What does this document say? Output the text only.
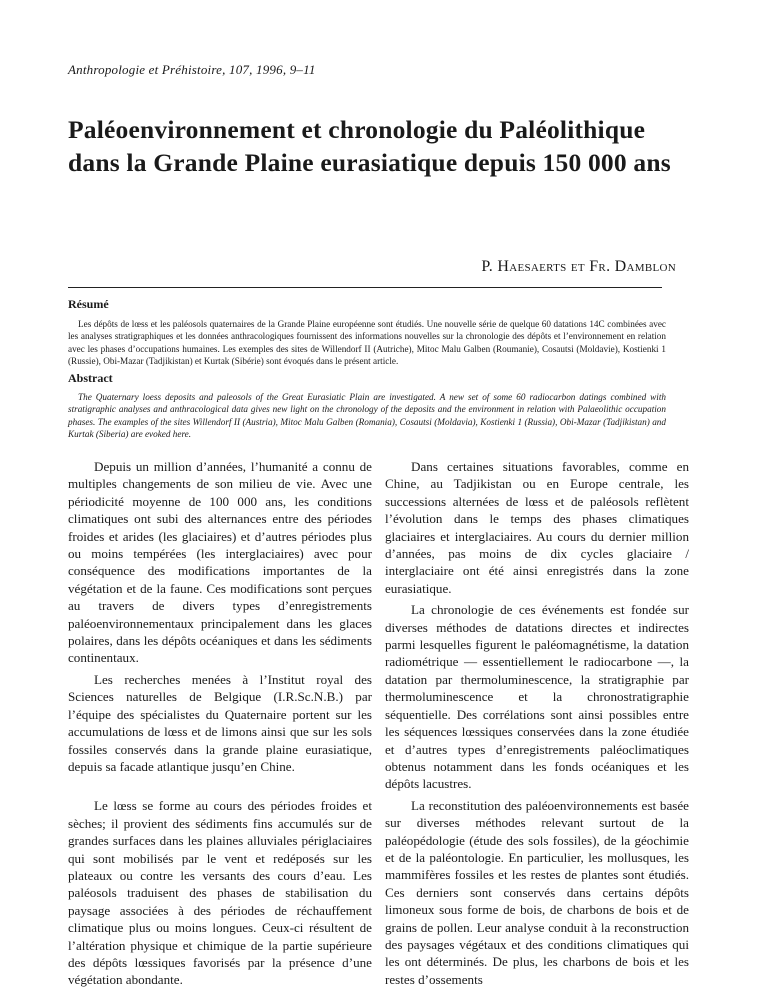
Anthropologie et Préhistoire, 107, 1996, 9–11
Paléoenvironnement et chronologie du Paléolithique
dans la Grande Plaine eurasiatique depuis 150 000 ans
P. Haesaerts et Fr. Damblon
Résumé

Les dépôts de lœss et les paléosols quaternaires de la Grande Plaine européenne sont étudiés. Une nouvelle série de quelque 60 datations 14C combinées avec les analyses stratigraphiques et les données anthracologiques fournissent des informations nouvelles sur la chronologie des dépôts et l’environnement en relation avec les phases d’occupations humaines. Les exemples des sites de Willendorf II (Autriche), Mitoc Malu Galben (Roumanie), Cosautsi (Moldavie), Kostienki 1 (Russie), Obi-Mazar (Tadjikistan) et Kurtak (Sibérie) sont évoqués dans le présent article.

Abstract

The Quaternary loess deposits and paleosols of the Great Eurasiatic Plain are investigated. A new set of some 60 radiocarbon datings combined with stratigraphic analyses and anthracological data gives new light on the chronology of the deposits and the environment in relation with Palaeolithic occupation phases. The examples of the sites Willendorf II (Austria), Mitoc Malu Galben (Romania), Cosautsi (Moldavia), Kostienki 1 (Russia), Obi-Mazar (Tadjikistan) and Kurtak (Siberia) are evoked here.

Depuis un million d’années, l’humanité a connu de multiples changements de son milieu de vie. Avec une périodicité moyenne de 100 000 ans, les conditions climatiques ont subi des alternances entre des périodes froides et arides (les glaciaires) et d’autres périodes plus ou moins tempérées (les interglaciaires) avec pour conséquence des modifications importantes de la végétation et de la faune. Ces modifications sont perçues au travers de divers types d’enregistrements paléoenvironnementaux principalement dans les glaces polaires, dans les dépôts océaniques et dans les sédiments continentaux.

Les recherches menées à l’Institut royal des Sciences naturelles de Belgique (I.R.Sc.N.B.) par l’équipe des spécialistes du Quaternaire portent sur les accumulations de lœss et de limons ainsi que sur les sols fossiles conservés dans la grande plaine eurasiatique, depuis sa facade atlantique jusqu’en Chine.

Le lœss se forme au cours des périodes froides et sèches; il provient des sédiments fins accumulés sur de grandes surfaces dans les plaines alluviales périglaciaires qui sont mobilisés par le vent et redéposés sur les plateaux ou contre les versants des cours d’eau. Les paléosols traduisent des phases de stabilisation du paysage associées à des périodes de réchauffement climatique plus ou moins longues. Ceux-ci résultent de l’altération physique et chimique de la partie supérieure des dépôts lœssiques favorisés par la présence d’une végétation abondante.

Dans certaines situations favorables, comme en Chine, au Tadjikistan ou en Europe centrale, les successions alternées de lœss et de paléosols reflètent l’évolution dans le temps des phases climatiques glaciaires et interglaciaires. Au cours du dernier million d’années, pas moins de dix cycles glaciaire / interglaciaire ont été ainsi enregistrés dans la zone eurasiatique.

La chronologie de ces événements est fondée sur diverses méthodes de datations directes et indirectes parmi lesquelles figurent le paléomagnétisme, la datation radiométrique — essentiellement le radiocarbone —, la datation par thermoluminescence, la stratigraphie par thermoluminescence et la chronostratigraphie séquentielle. Des corrélations sont ainsi possibles entre les séquences lœssiques conservées dans la zone étudiée et d’autres types d’enregistrements paléoclimatiques obtenus notamment dans les fonds océaniques et les dépôts lacustres.

La reconstitution des paléoenvironnements est basée sur diverses méthodes relevant surtout de la paléopédologie (étude des sols fossiles), de la géochimie et de la paléontologie. En particulier, les mollusques, les mammifères fossiles et les restes de plantes sont étudiés. Ces derniers sont conservés dans certains dépôts limoneux sous forme de bois, de charbons de bois et de grains de pollen. Leur analyse conduit à la reconstruction des paysages végétaux et des conditions climatiques qui les ont déterminés. De plus, les charbons de bois et les restes d’ossements
